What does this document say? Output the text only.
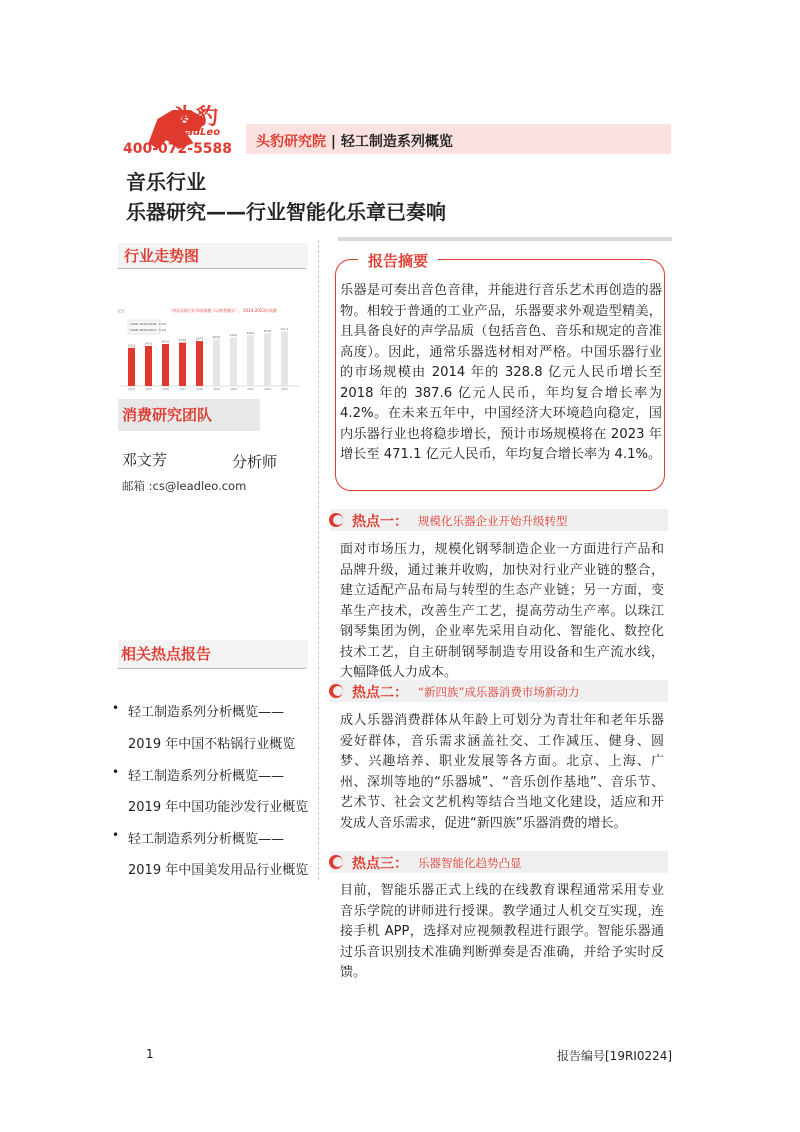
头豹
LeadLeo
400-072-5588 头豹研究院 | 轻工制造系列概览
音乐行业
乐器研究——行业智能化乐章已奏响
行业走势图
中国乐器行业市场规模（以销售额计），2014-2023年预测
亿元
CAGR 2014-2018：4.2%
CAGR 2019-2023：4.1%
328.8
2014
345.0
2015
362.0
2016
374.0
2017
387.6
2018
403.0
2019
419.0
2020
436.0
2021
453.0
2022
471.1
2023
消费研究团队
邓文芳	分析师
邮箱 :cs@leadleo.com
相关热点报告
• 轻工制造系列分析概览——
2019 年中国不粘锅行业概览
• 轻工制造系列分析概览——
2019 年中国功能沙发行业概览
• 轻工制造系列分析概览——
2019 年中国美发用品行业概览
报告摘要
乐器是可奏出音色音律，并能进行音乐艺术再创造的器物。相较于普通的工业产品，乐器要求外观造型精美，且具备良好的声学品质（包括音色、音乐和规定的音准高度）。因此，通常乐器选材相对严格。中国乐器行业的市场规模由 2014 年的 328.8 亿元人民币增长至 2018 年的 387.6 亿元人民币，年均复合增长率为 4.2%。在未来五年中，中国经济大环境趋向稳定，国内乐器行业也将稳步增长，预计市场规模将在 2023 年增长至 471.1 亿元人民币，年均复合增长率为 4.1%。
热点一： 规模化乐器企业开始升级转型
面对市场压力，规模化钢琴制造企业一方面进行产品和品牌升级，通过兼并收购，加快对行业产业链的整合，建立适配产品布局与转型的生态产业链；另一方面，变革生产技术，改善生产工艺，提高劳动生产率。以珠江钢琴集团为例，企业率先采用自动化、智能化、数控化技术工艺，自主研制钢琴制造专用设备和生产流水线，大幅降低人力成本。
热点二： “新四族”成乐器消费市场新动力
成人乐器消费群体从年龄上可划分为青壮年和老年乐器爱好群体，音乐需求涵盖社交、工作减压、健身、圆梦、兴趣培养、职业发展等各方面。北京、上海、广州、深圳等地的“乐器城”、“音乐创作基地”、音乐节、艺术节、社会文艺机构等结合当地文化建设，适应和开发成人音乐需求，促进“新四族”乐器消费的增长。
热点三： 乐器智能化趋势凸显
目前，智能乐器正式上线的在线教育课程通常采用专业音乐学院的讲师进行授课。教学通过人机交互实现，连接手机 APP，选择对应视频教程进行跟学。智能乐器通过乐音识别技术准确判断弹奏是否准确，并给予实时反馈。
1	报告编号[19RI0224]
